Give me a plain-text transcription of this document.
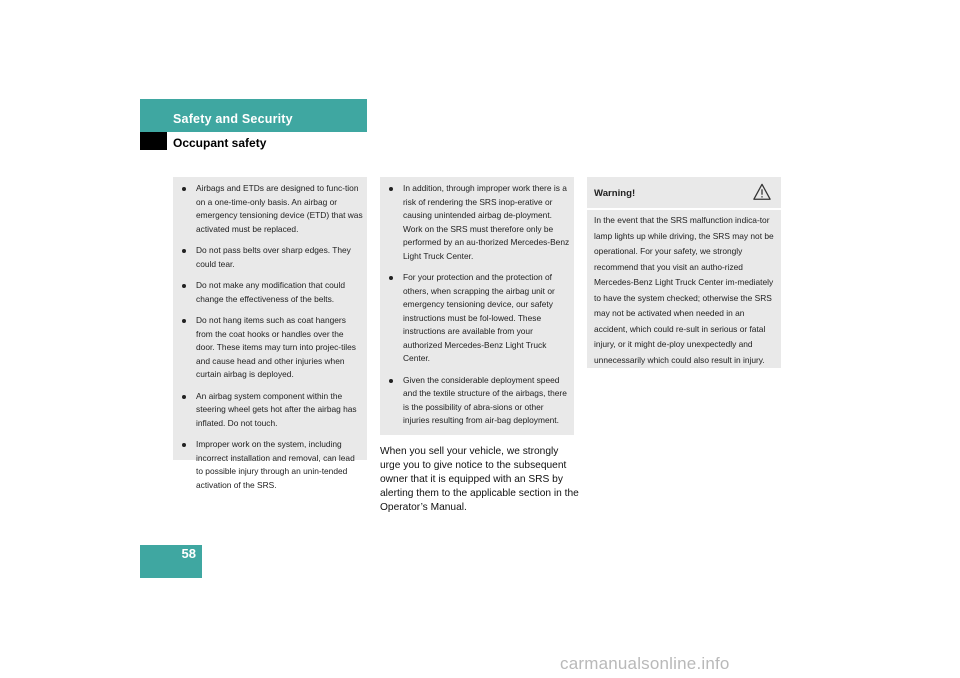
Safety and Security
Occupant safety
Airbags and ETDs are designed to func-tion on a one-time-only basis. An airbag or emergency tensioning device (ETD) that was activated must be replaced.
Do not pass belts over sharp edges. They could tear.
Do not make any modification that could change the effectiveness of the belts.
Do not hang items such as coat hangers from the coat hooks or handles over the door. These items may turn into projec-tiles and cause head and other injuries when curtain airbag is deployed.
An airbag system component within the steering wheel gets hot after the airbag has inflated. Do not touch.
Improper work on the system, including incorrect installation and removal, can lead to possible injury through an unin-tended activation of the SRS.
In addition, through improper work there is a risk of rendering the SRS inop-erative or causing unintended airbag de-ployment. Work on the SRS must therefore only be performed by an au-thorized Mercedes-Benz Light Truck Center.
For your protection and the protection of others, when scrapping the airbag unit or emergency tensioning device, our safety instructions must be fol-lowed. These instructions are available from your authorized Mercedes-Benz Light Truck Center.
Given the considerable deployment speed and the textile structure of the airbags, there is the possibility of abra-sions or other injuries resulting from air-bag deployment.
When you sell your vehicle, we strongly urge you to give notice to the subsequent owner that it is equipped with an SRS by alerting them to the applicable section in the Operator’s Manual.
Warning!
In the event that the SRS malfunction indica-tor lamp lights up while driving, the SRS may not be operational. For your safety, we strongly recommend that you visit an autho-rized Mercedes-Benz Light Truck Center im-mediately to have the system checked; otherwise the SRS may not be activated when needed in an accident, which could re-sult in serious or fatal injury, or it might de-ploy unexpectedly and unnecessarily which could also result in injury.
58
carmanualsonline.info
